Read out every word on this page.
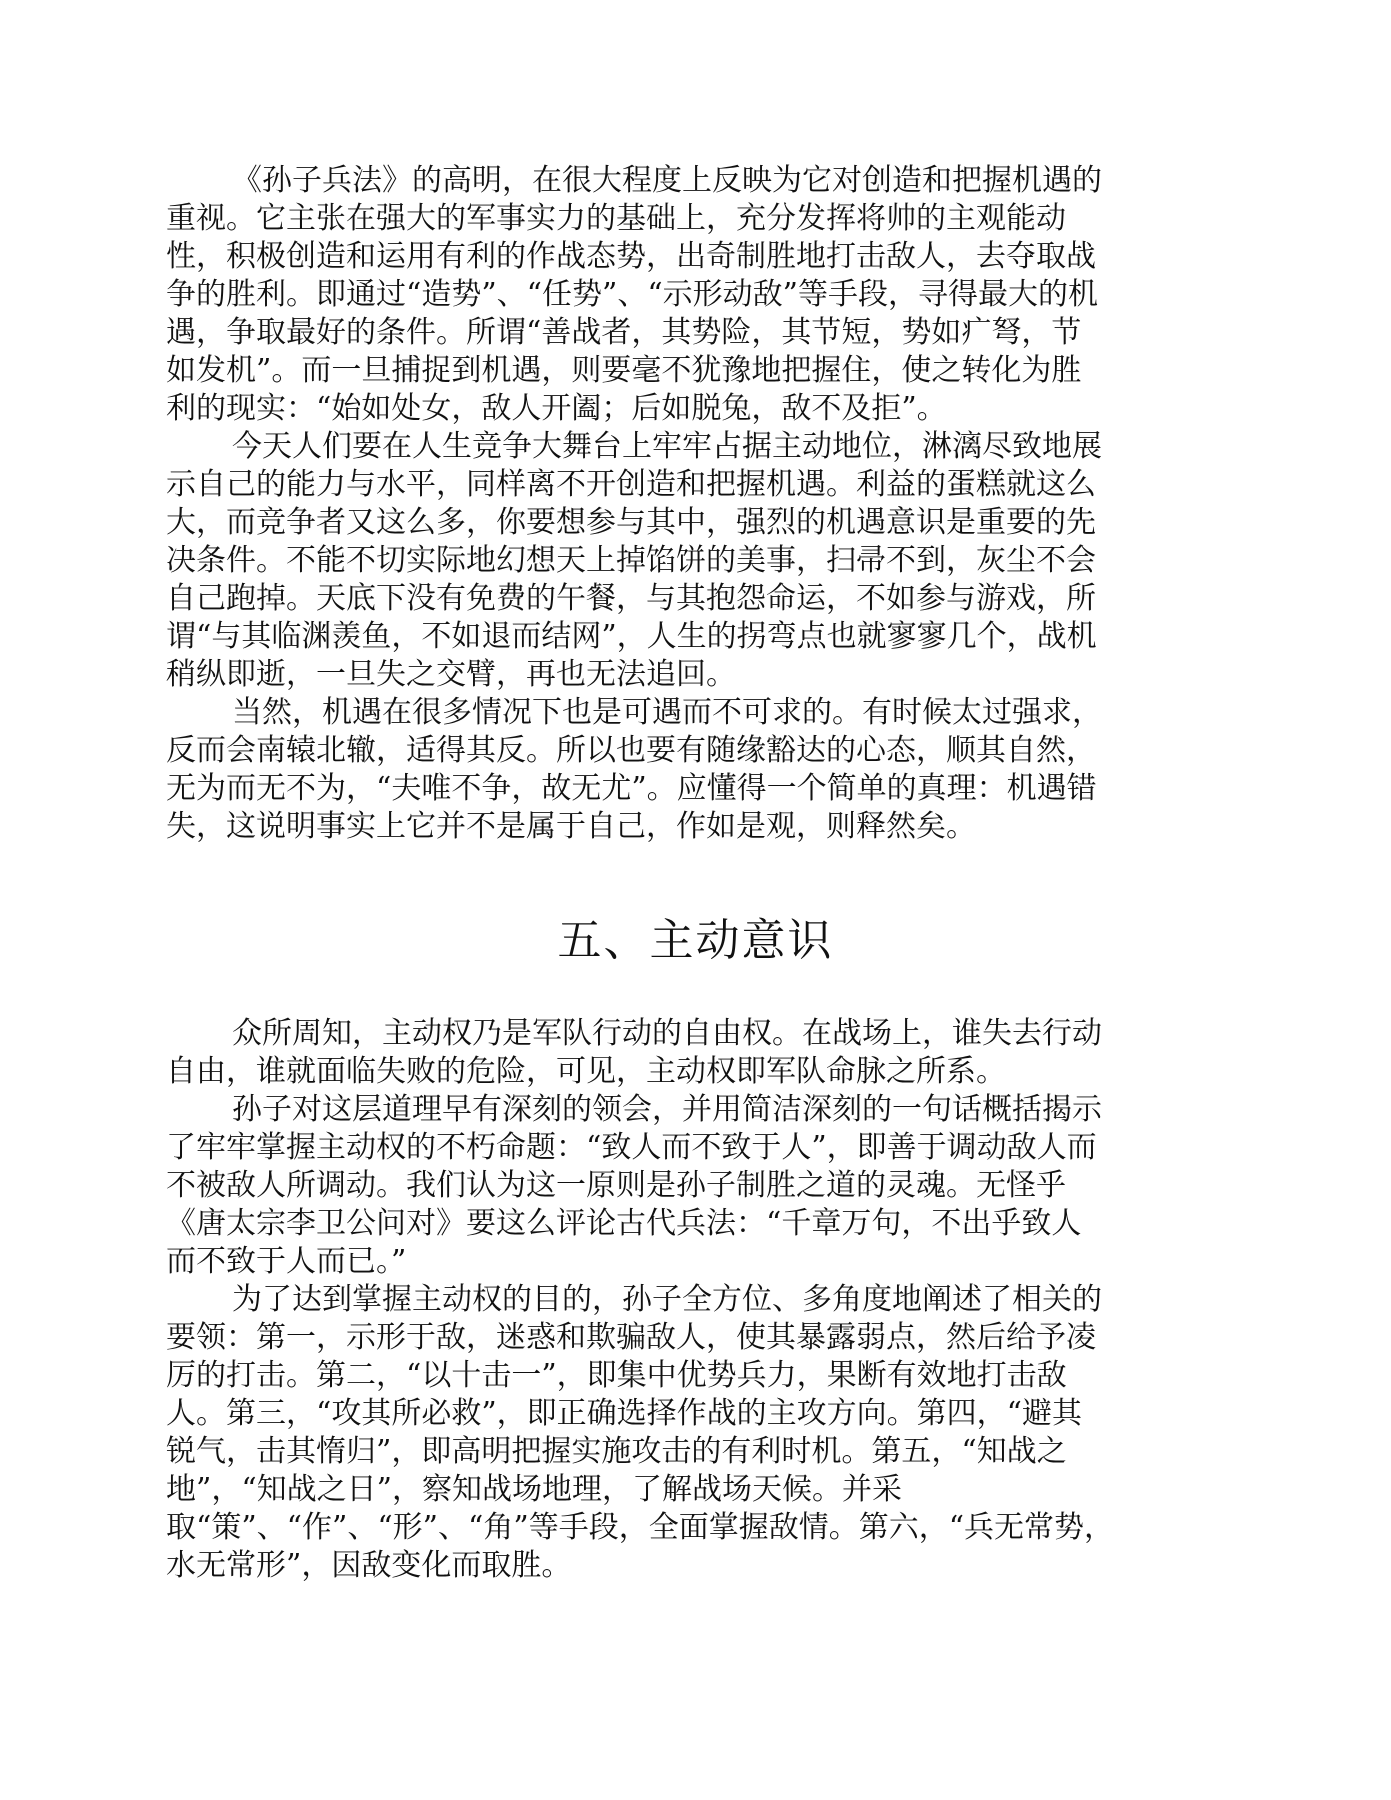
《孙子兵法》的高明，在很大程度上反映为它对创造和把握机遇的
重视。它主张在强大的军事实力的基础上，充分发挥将帅的主观能动
性，积极创造和运用有利的作战态势，出奇制胜地打击敌人，去夺取战
争的胜利。即通过“造势”、“任势”、“示形动敌”等手段，寻得最大的机
遇，争取最好的条件。所谓“善战者，其势险，其节短，势如疒弩，节
如发机”。而一旦捕捉到机遇，则要毫不犹豫地把握住，使之转化为胜
利的现实：“始如处女，敌人开阖；后如脱兔，敌不及拒”。
今天人们要在人生竞争大舞台上牢牢占据主动地位，淋漓尽致地展
示自己的能力与水平，同样离不开创造和把握机遇。利益的蛋糕就这么
大，而竞争者又这么多，你要想参与其中，强烈的机遇意识是重要的先
决条件。不能不切实际地幻想天上掉馅饼的美事，扫帚不到，灰尘不会
自己跑掉。天底下没有免费的午餐，与其抱怨命运，不如参与游戏，所
谓“与其临渊羡鱼，不如退而结网”，人生的拐弯点也就寥寥几个，战机
稍纵即逝，一旦失之交臂，再也无法追回。
当然，机遇在很多情况下也是可遇而不可求的。有时候太过强求，
反而会南辕北辙，适得其反。所以也要有随缘豁达的心态，顺其自然，
无为而无不为，“夫唯不争，故无尤”。应懂得一个简单的真理：机遇错
失，这说明事实上它并不是属于自己，作如是观，则释然矣。
五、主动意识
众所周知，主动权乃是军队行动的自由权。在战场上，谁失去行动
自由，谁就面临失败的危险，可见，主动权即军队命脉之所系。
孙子对这层道理早有深刻的领会，并用简洁深刻的一句话概括揭示
了牢牢掌握主动权的不朽命题：“致人而不致于人”，即善于调动敌人而
不被敌人所调动。我们认为这一原则是孙子制胜之道的灵魂。无怪乎
《唐太宗李卫公问对》要这么评论古代兵法：“千章万句，不出乎致人
而不致于人而已。”
为了达到掌握主动权的目的，孙子全方位、多角度地阐述了相关的
要领：第一，示形于敌，迷惑和欺骗敌人，使其暴露弱点，然后给予凌
厉的打击。第二，“以十击一”，即集中优势兵力，果断有效地打击敌
人。第三，“攻其所必救”，即正确选择作战的主攻方向。第四，“避其
锐气，击其惰归”，即高明把握实施攻击的有利时机。第五，“知战之
地”，“知战之日”，察知战场地理，了解战场天候。并采
取“策”、“作”、“形”、“角”等手段，全面掌握敌情。第六，“兵无常势，
水无常形”，因敌变化而取胜。
